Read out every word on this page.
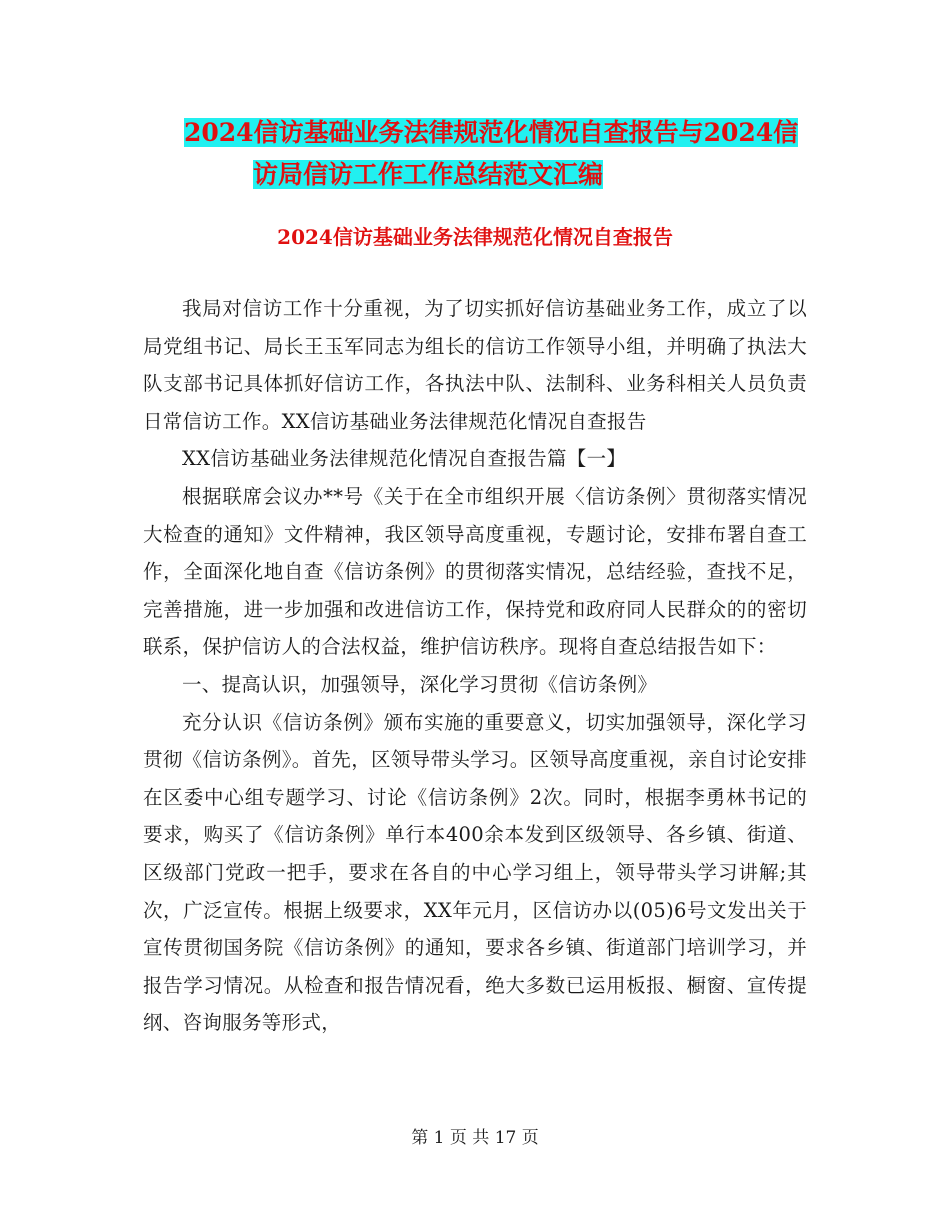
2024信访基础业务法律规范化情况自查报告与2024信
访局信访工作工作总结范文汇编
2024信访基础业务法律规范化情况自查报告

我局对信访工作十分重视，为了切实抓好信访基础业务工作，成立了以局党组书记、局长王玉军同志为组长的信访工作领导小组，并明确了执法大队支部书记具体抓好信访工作，各执法中队、法制科、业务科相关人员负责日常信访工作。XX信访基础业务法律规范化情况自查报告

XX信访基础业务法律规范化情况自查报告篇【一】

根据联席会议办**号《关于在全市组织开展〈信访条例〉贯彻落实情况大检查的通知》文件精神，我区领导高度重视，专题讨论，安排布署自查工作，全面深化地自查《信访条例》的贯彻落实情况，总结经验，查找不足，完善措施，进一步加强和改进信访工作，保持党和政府同人民群众的的密切联系，保护信访人的合法权益，维护信访秩序。现将自查总结报告如下：

一、提高认识，加强领导，深化学习贯彻《信访条例》

充分认识《信访条例》颁布实施的重要意义，切实加强领导，深化学习贯彻《信访条例》。首先，区领导带头学习。区领导高度重视，亲自讨论安排在区委中心组专题学习、讨论《信访条例》2次。同时，根据李勇林书记的要求，购买了《信访条例》单行本400余本发到区级领导、各乡镇、街道、区级部门党政一把手，要求在各自的中心学习组上，领导带头学习讲解;其次，广泛宣传。根据上级要求，XX年元月，区信访办以(05)6号文发出关于宣传贯彻国务院《信访条例》的通知，要求各乡镇、街道部门培训学习，并报告学习情况。从检查和报告情况看，绝大多数已运用板报、橱窗、宣传提纲、咨询服务等形式，

第 1 页 共 17 页
